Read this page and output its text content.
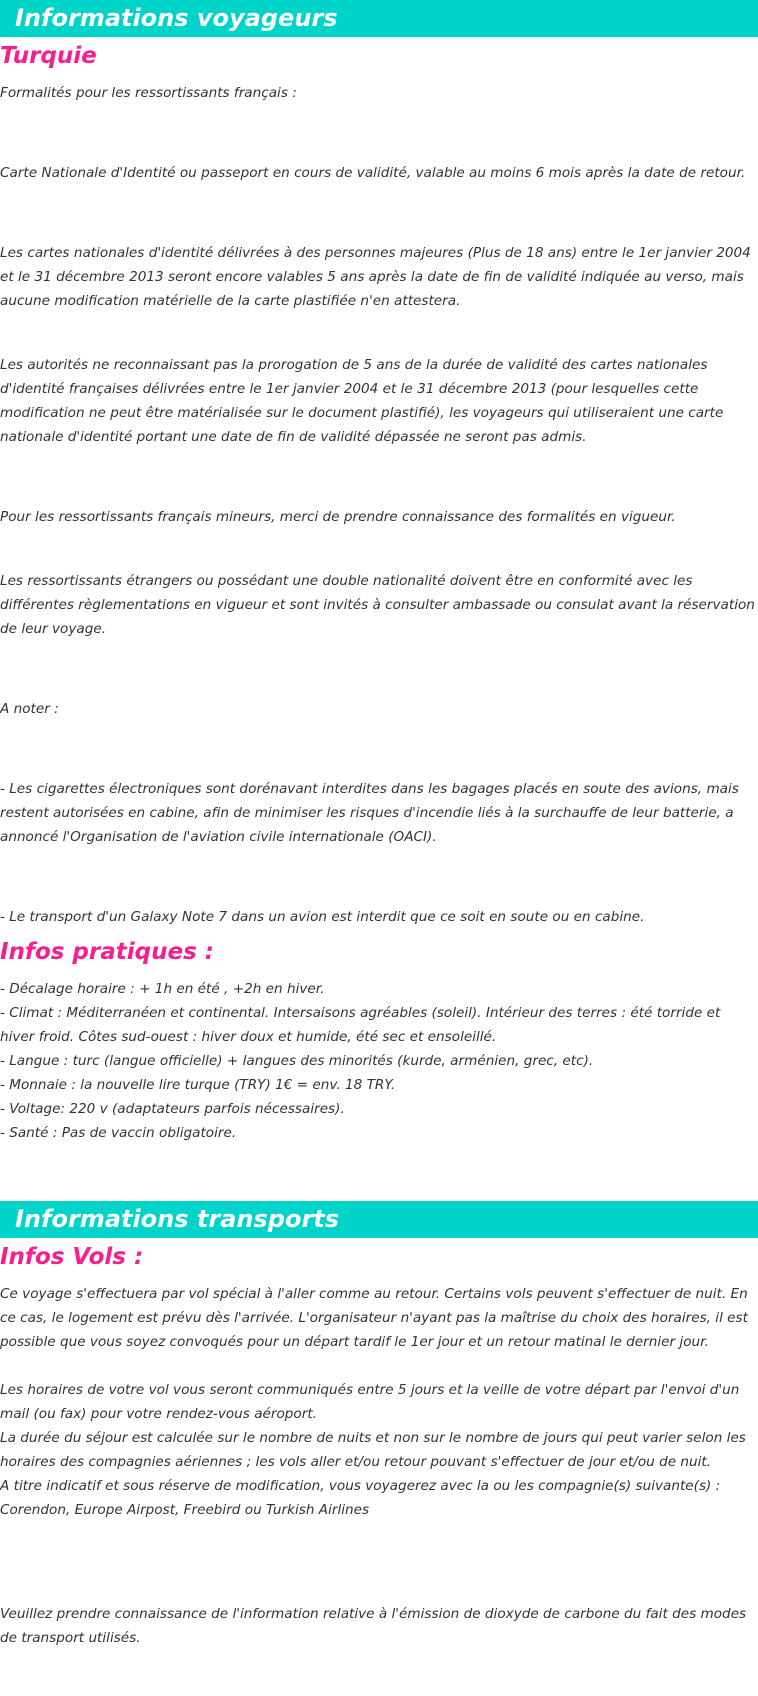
Informations voyageurs
Turquie

Formalités pour les ressortissants français :

Carte Nationale d'Identité ou passeport en cours de validité, valable au moins 6 mois après la date de retour.

Les cartes nationales d'identité délivrées à des personnes majeures (Plus de 18 ans) entre le 1er janvier 2004 et le 31 décembre 2013 seront encore valables 5 ans après la date de fin de validité indiquée au verso, mais aucune modification matérielle de la carte plastifiée n'en attestera.

Les autorités ne reconnaissant pas la prorogation de 5 ans de la durée de validité des cartes nationales d'identité françaises délivrées entre le 1er janvier 2004 et le 31 décembre 2013 (pour lesquelles cette modification ne peut être matérialisée sur le document plastifié), les voyageurs qui utiliseraient une carte nationale d'identité portant une date de fin de validité dépassée ne seront pas admis.

Pour les ressortissants français mineurs, merci de prendre connaissance des formalités en vigueur.

Les ressortissants étrangers ou possédant une double nationalité doivent être en conformité avec les différentes règlementations en vigueur et sont invités à consulter ambassade ou consulat avant la réservation de leur voyage.

A noter :

- Les cigarettes électroniques sont dorénavant interdites dans les bagages placés en soute des avions, mais restent autorisées en cabine, afin de minimiser les risques d'incendie liés à la surchauffe de leur batterie, a annoncé l'Organisation de l'aviation civile internationale (OACI).

- Le transport d'un Galaxy Note 7 dans un avion est interdit que ce soit en soute ou en cabine.

Infos pratiques :

- Décalage horaire : + 1h en été , +2h en hiver.

- Climat : Méditerranéen et continental. Intersaisons agréables (soleil). Intérieur des terres : été torride et hiver froid. Côtes sud-ouest : hiver doux et humide, été sec et ensoleillé.

- Langue : turc (langue officielle) + langues des minorités (kurde, arménien, grec, etc).

- Monnaie : la nouvelle lire turque (TRY) 1€ = env. 18 TRY.

- Voltage: 220 v (adaptateurs parfois nécessaires).

- Santé : Pas de vaccin obligatoire.

Informations transports
Infos Vols :

Ce voyage s'effectuera par vol spécial à l'aller comme au retour. Certains vols peuvent s'effectuer de nuit. En ce cas, le logement est prévu dès l'arrivée. L'organisateur n'ayant pas la maîtrise du choix des horaires, il est possible que vous soyez convoqués pour un départ tardif le 1er jour et un retour matinal le dernier jour.

Les horaires de votre vol vous seront communiqués entre 5 jours et la veille de votre départ par l'envoi d'un mail (ou fax) pour votre rendez-vous aéroport.

La durée du séjour est calculée sur le nombre de nuits et non sur le nombre de jours qui peut varier selon les horaires des compagnies aériennes ; les vols aller et/ou retour pouvant s'effectuer de jour et/ou de nuit.

A titre indicatif et sous réserve de modification, vous voyagerez avec la ou les compagnie(s) suivante(s) : Corendon, Europe Airpost, Freebird ou Turkish Airlines

Veuillez prendre connaissance de l'information relative à l'émission de dioxyde de carbone du fait des modes de transport utilisés.
